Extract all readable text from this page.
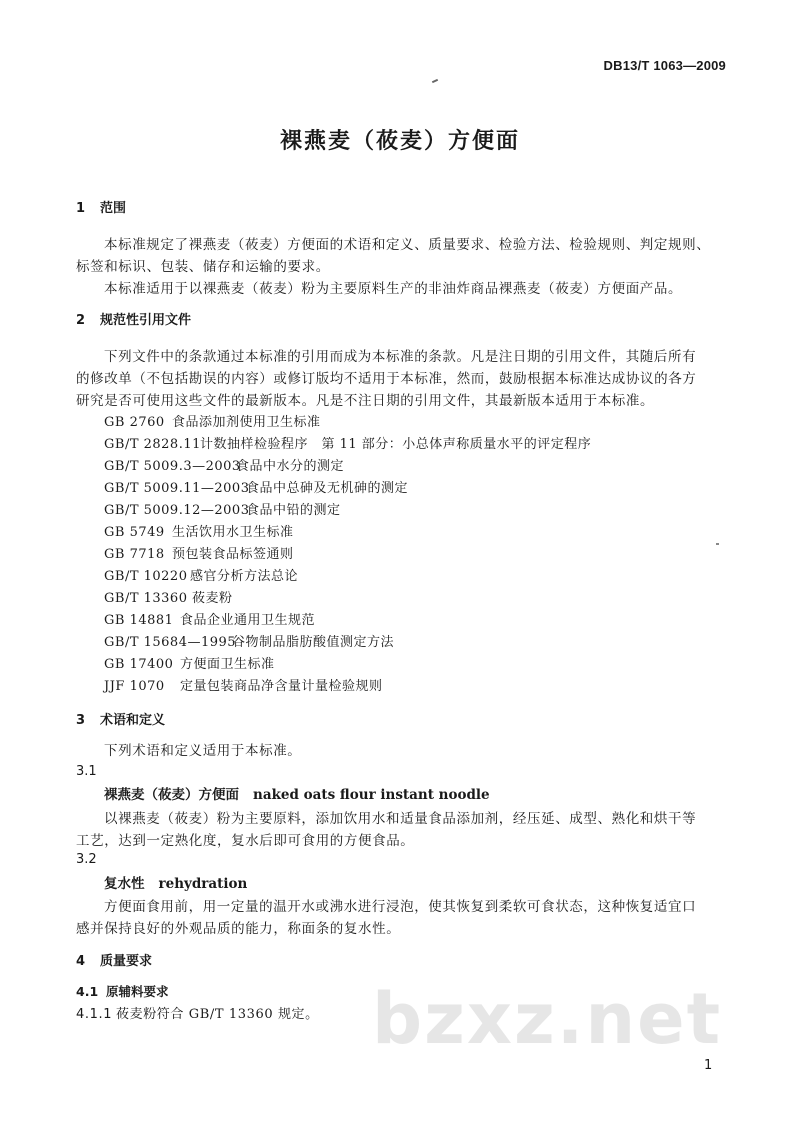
DB13/T 1063—2009
裸燕麦（莜麦）方便面
1 范围
本标准规定了裸燕麦（莜麦）方便面的术语和定义、质量要求、检验方法、检验规则、判定规则、
标签和标识、包装、储存和运输的要求。
本标准适用于以裸燕麦（莜麦）粉为主要原料生产的非油炸商品裸燕麦（莜麦）方便面产品。
2 规范性引用文件
下列文件中的条款通过本标准的引用而成为本标准的条款。凡是注日期的引用文件，其随后所有
的修改单（不包括勘误的内容）或修订版均不适用于本标准，然而，鼓励根据本标准达成协议的各方
研究是否可使用这些文件的最新版本。凡是不注日期的引用文件，其最新版本适用于本标准。
GB 2760 食品添加剂使用卫生标准
GB/T 2828.11计数抽样检验程序　第 11 部分：小总体声称质量水平的评定程序
GB/T 5009.3—2003食品中水分的测定
GB/T 5009.11—2003食品中总砷及无机砷的测定
GB/T 5009.12—2003食品中铅的测定
GB 5749 生活饮用水卫生标准
GB 7718 预包装食品标签通则
GB/T 10220 感官分析方法总论
GB/T 13360 莜麦粉
GB 14881 食品企业通用卫生规范
GB/T 15684—1995谷物制品脂肪酸值测定方法
GB 17400 方便面卫生标准
JJF 1070 定量包装商品净含量计量检验规则
3 术语和定义
下列术语和定义适用于本标准。
3.1
裸燕麦（莜麦）方便面 naked oats flour instant noodle
以裸燕麦（莜麦）粉为主要原料，添加饮用水和适量食品添加剂，经压延、成型、熟化和烘干等
工艺，达到一定熟化度，复水后即可食用的方便食品。
3.2
复水性 rehydration
方便面食用前，用一定量的温开水或沸水进行浸泡，使其恢复到柔软可食状态，这种恢复适宜口
感并保持良好的外观品质的能力，称面条的复水性。
4 质量要求
4.1 原辅料要求
4.1.1 莜麦粉符合 GB/T 13360 规定。 bzxz.net
1
